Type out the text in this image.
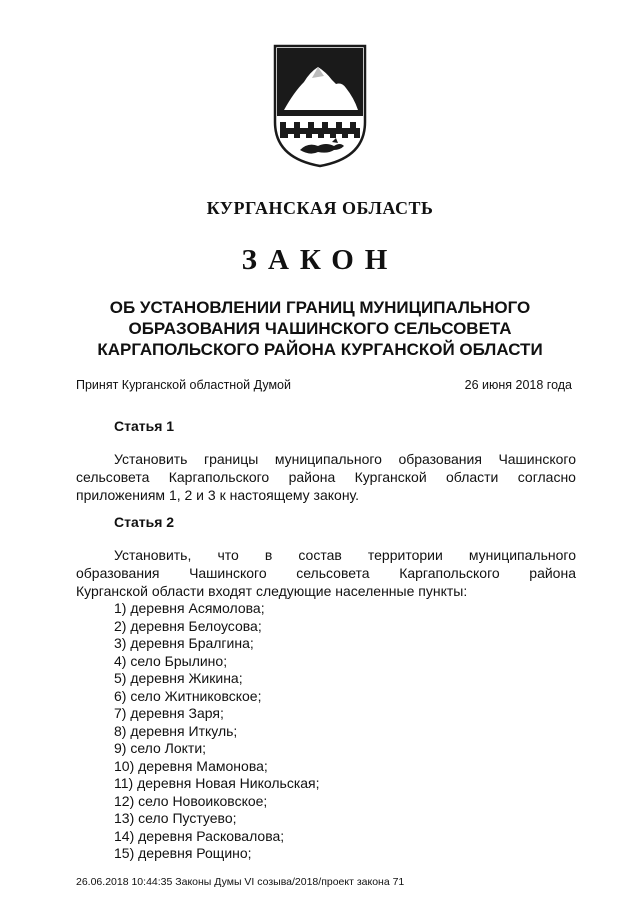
КУРГАНСКАЯ ОБЛАСТЬ
ЗАКОН
ОБ УСТАНОВЛЕНИИ ГРАНИЦ МУНИЦИПАЛЬНОГО
ОБРАЗОВАНИЯ ЧАШИНСКОГО СЕЛЬСОВЕТА
КАРГАПОЛЬСКОГО РАЙОНА КУРГАНСКОЙ ОБЛАСТИ
Принят Курганской областной Думой	26 июня 2018 года
Статья 1
Установить границы муниципального образования Чашинского
сельсовета Каргапольского района Курганской области согласно
приложениям 1, 2 и 3 к настоящему закону.
Статья 2
Установить, что в состав территории муниципального
образования Чашинского сельсовета Каргапольского района
Курганской области входят следующие населенные пункты:
1) деревня Асямолова;
2) деревня Белоусова;
3) деревня Бралгина;
4) село Брылино;
5) деревня Жикина;
6) село Житниковское;
7) деревня Заря;
8) деревня Иткуль;
9) село Локти;
10) деревня Мамонова;
11) деревня Новая Никольская;
12) село Новоиковское;
13) село Пустуево;
14) деревня Расковалова;
15) деревня Рощино;
26.06.2018 10:44:35 Законы Думы VI созыва/2018/проект закона 71
